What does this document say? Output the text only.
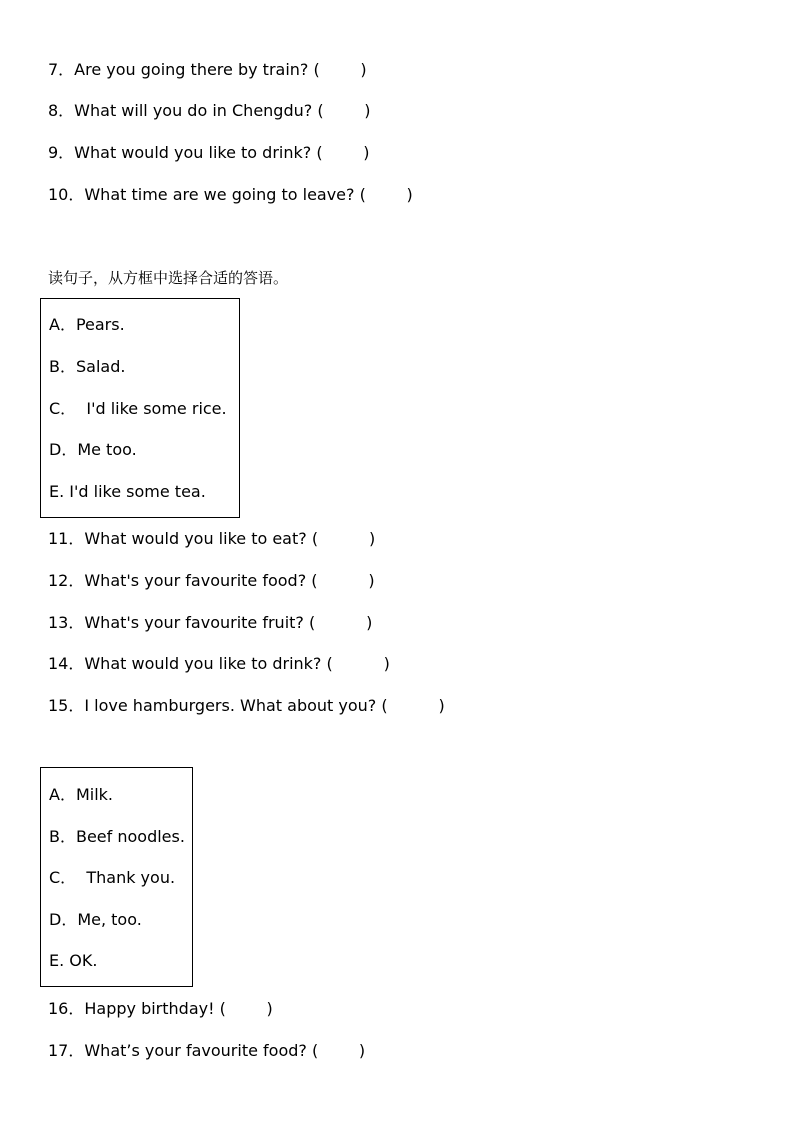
7．Are you going there by train? (        )
8．What will you do in Chengdu? (        )
9．What would you like to drink? (        )
10．What time are we going to leave? (        )
读句子，从方框中选择合适的答语。
A．Pears.
B．Salad.
C．  I'd like some rice.
D．Me too.
E. I'd like some tea.
11．What would you like to eat? (          )
12．What's your favourite food? (          )
13．What's your favourite fruit? (          )
14．What would you like to drink? (          )
15．I love hamburgers. What about you? (          )
A．Milk.
B．Beef noodles.
C．  Thank you.
D．Me, too.
E. OK.
16．Happy birthday! (        )
17．What’s your favourite food? (        )
